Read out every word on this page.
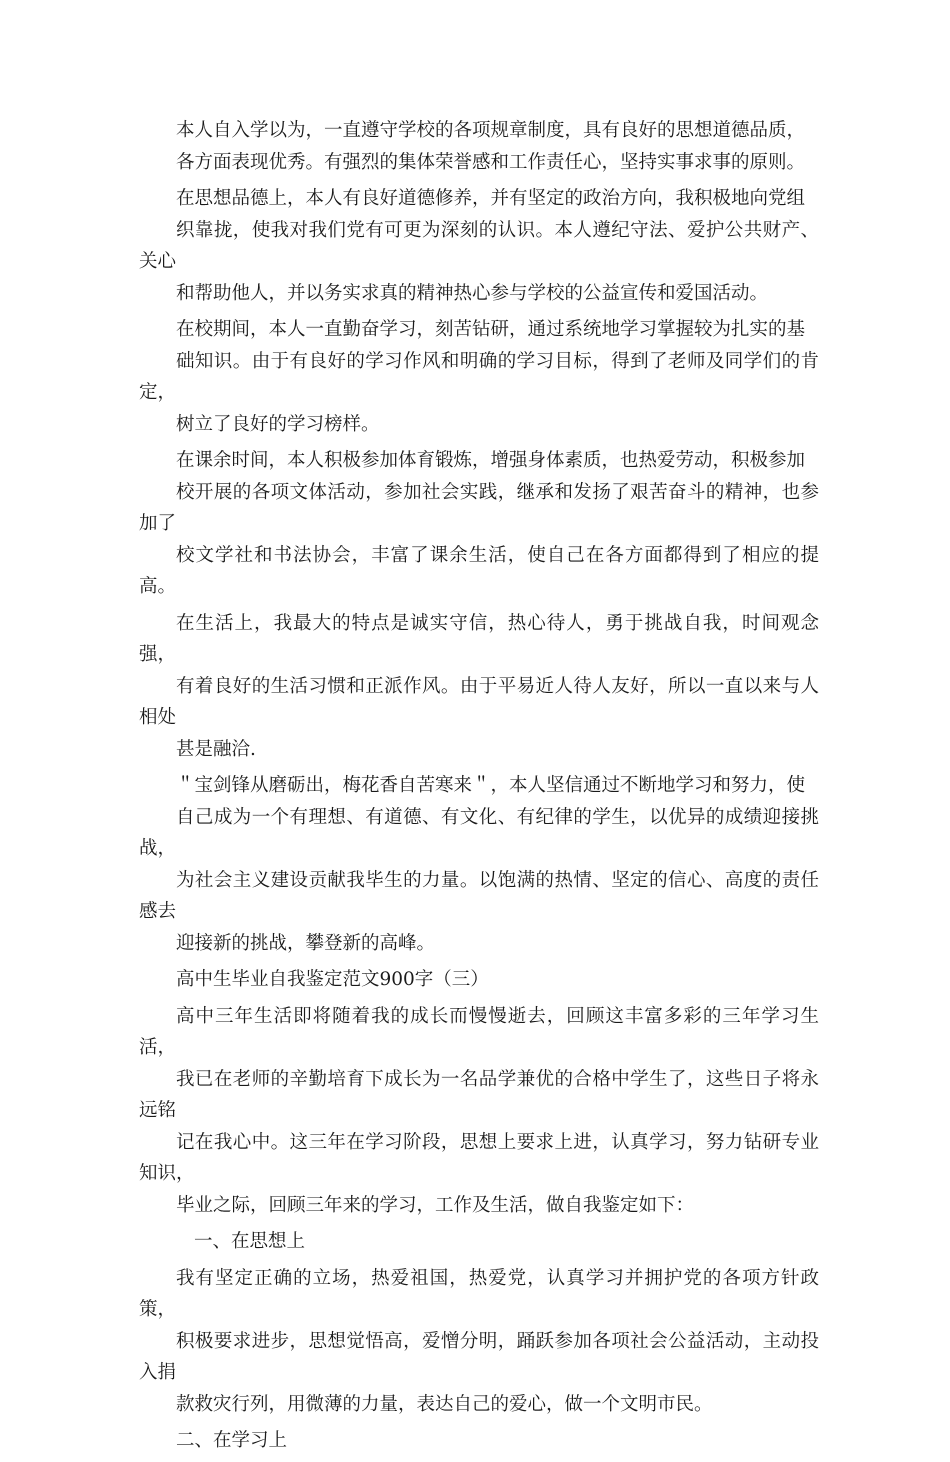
本人自入学以为，一直遵守学校的各项规章制度，具有良好的思想道德品质，
各方面表现优秀。有强烈的集体荣誉感和工作责任心，坚持实事求事的原则。

在思想品德上，本人有良好道德修养，并有坚定的政治方向，我积极地向党组
织靠拢，使我对我们党有可更为深刻的认识。本人遵纪守法、爱护公共财产、关心
和帮助他人，并以务实求真的精神热心参与学校的公益宣传和爱国活动。

在校期间，本人一直勤奋学习，刻苦钻研，通过系统地学习掌握较为扎实的基
础知识。由于有良好的学习作风和明确的学习目标，得到了老师及同学们的肯定，
树立了良好的学习榜样。

在课余时间，本人积极参加体育锻炼，增强身体素质，也热爱劳动，积极参加
校开展的各项文体活动，参加社会实践，继承和发扬了艰苦奋斗的精神，也参加了
校文学社和书法协会，丰富了课余生活，使自己在各方面都得到了相应的提高。

在生活上，我最大的特点是诚实守信，热心待人，勇于挑战自我，时间观念强，
有着良好的生活习惯和正派作风。由于平易近人待人友好，所以一直以来与人相处
甚是融洽.

＂宝剑锋从磨砺出，梅花香自苦寒来＂，本人坚信通过不断地学习和努力，使
自己成为一个有理想、有道德、有文化、有纪律的学生，以优异的成绩迎接挑战，
为社会主义建设贡献我毕生的力量。以饱满的热情、坚定的信心、高度的责任感去
迎接新的挑战，攀登新的高峰。

高中生毕业自我鉴定范文900字（三）

高中三年生活即将随着我的成长而慢慢逝去，回顾这丰富多彩的三年学习生活，
我已在老师的辛勤培育下成长为一名品学兼优的合格中学生了，这些日子将永远铭
记在我心中。这三年在学习阶段，思想上要求上进，认真学习，努力钻研专业知识，
毕业之际，回顾三年来的学习，工作及生活，做自我鉴定如下：

一、在思想上

我有坚定正确的立场，热爱祖国，热爱党，认真学习并拥护党的各项方针政策，
积极要求进步，思想觉悟高，爱憎分明，踊跃参加各项社会公益活动，主动投入捐
款救灾行列，用微薄的力量，表达自己的爱心，做一个文明市民。

二、在学习上
